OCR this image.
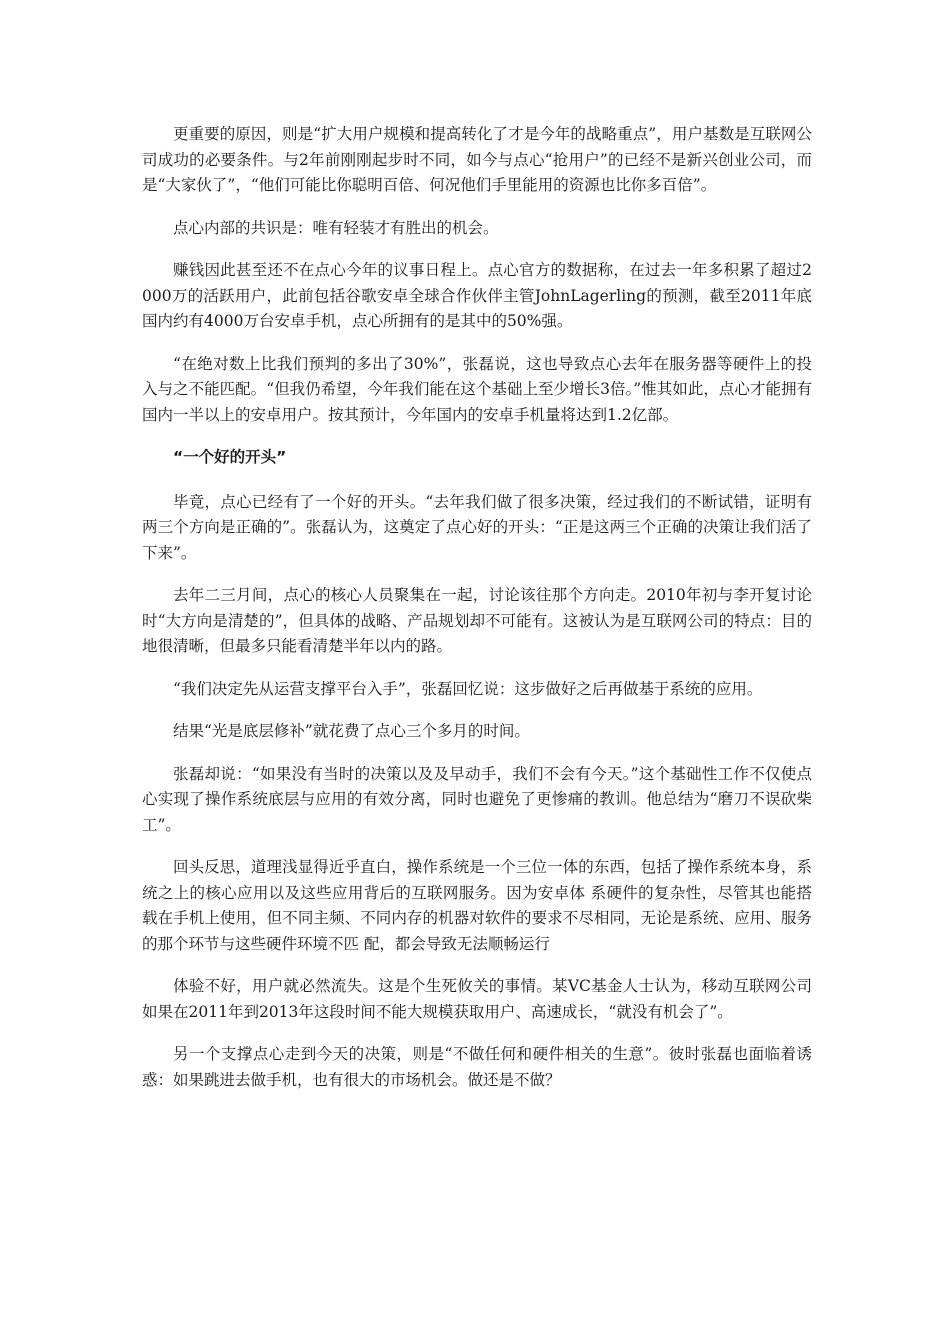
更重要的原因，则是“扩大用户规模和提高转化了才是今年的战略重点”，用户基数是互联网公司成功的必要条件。与2年前刚刚起步时不同，如今与点心“抢用户”的已经不是新兴创业公司，而是“大家伙了”，“他们可能比你聪明百倍、何况他们手里能用的资源也比你多百倍”。

点心内部的共识是：唯有轻装才有胜出的机会。

赚钱因此甚至还不在点心今年的议事日程上。点心官方的数据称，在过去一年多积累了超过2000万的活跃用户，此前包括谷歌安卓全球合作伙伴主管JohnLagerling的预测，截至2011年底国内约有4000万台安卓手机，点心所拥有的是其中的50%强。

“在绝对数上比我们预判的多出了30%”，张磊说，这也导致点心去年在服务器等硬件上的投入与之不能匹配。“但我仍希望，今年我们能在这个基础上至少增长3倍。”惟其如此，点心才能拥有国内一半以上的安卓用户。按其预计，今年国内的安卓手机量将达到1.2亿部。

“一个好的开头”

毕竟，点心已经有了一个好的开头。“去年我们做了很多决策，经过我们的不断试错，证明有两三个方向是正确的”。张磊认为，这奠定了点心好的开头：“正是这两三个正确的决策让我们活了下来”。

去年二三月间，点心的核心人员聚集在一起，讨论该往那个方向走。2010年初与李开复讨论时“大方向是清楚的”，但具体的战略、产品规划却不可能有。这被认为是互联网公司的特点：目的地很清晰，但最多只能看清楚半年以内的路。

“我们决定先从运营支撑平台入手”，张磊回忆说：这步做好之后再做基于系统的应用。

结果“光是底层修补”就花费了点心三个多月的时间。

张磊却说：“如果没有当时的决策以及及早动手，我们不会有今天。”这个基础性工作不仅使点心实现了操作系统底层与应用的有效分离，同时也避免了更惨痛的教训。他总结为“磨刀不误砍柴工”。

回头反思，道理浅显得近乎直白，操作系统是一个三位一体的东西，包括了操作系统本身，系统之上的核心应用以及这些应用背后的互联网服务。因为安卓体 系硬件的复杂性，尽管其也能搭载在手机上使用，但不同主频、不同内存的机器对软件的要求不尽相同，无论是系统、应用、服务的那个环节与这些硬件环境不匹 配，都会导致无法顺畅运行

体验不好，用户就必然流失。这是个生死攸关的事情。某VC基金人士认为，移动互联网公司如果在2011年到2013年这段时间不能大规模获取用户、高速成长，“就没有机会了”。

另一个支撑点心走到今天的决策，则是“不做任何和硬件相关的生意”。彼时张磊也面临着诱惑：如果跳进去做手机，也有很大的市场机会。做还是不做？
